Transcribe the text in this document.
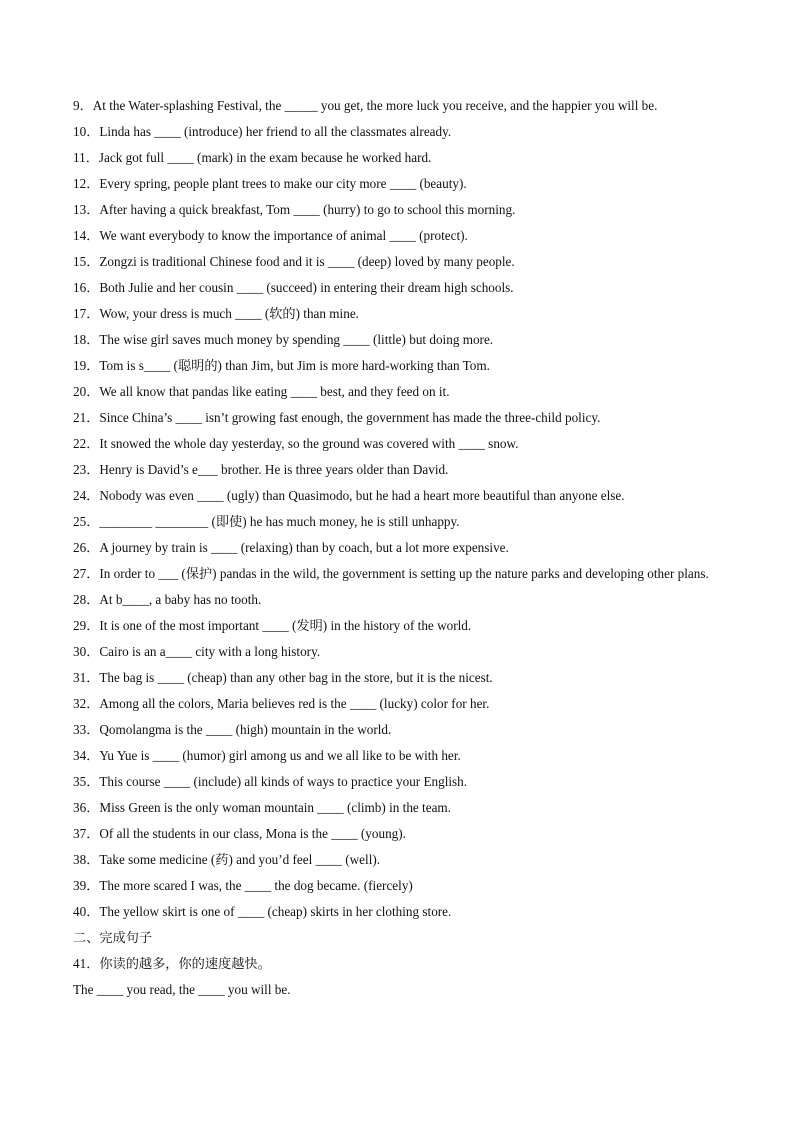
9．At the Water-splashing Festival, the _____ you get, the more luck you receive, and the happier you will be.
10．Linda has ____ (introduce) her friend to all the classmates already.
11．Jack got full ____ (mark) in the exam because he worked hard.
12．Every spring, people plant trees to make our city more ____ (beauty).
13．After having a quick breakfast, Tom ____ (hurry) to go to school this morning.
14．We want everybody to know the importance of animal ____ (protect).
15．Zongzi is traditional Chinese food and it is ____ (deep) loved by many people.
16．Both Julie and her cousin ____ (succeed) in entering their dream high schools.
17．Wow, your dress is much ____ (软的) than mine.
18．The wise girl saves much money by spending ____ (little) but doing more.
19．Tom is s____ (聪明的) than Jim, but Jim is more hard-working than Tom.
20．We all know that pandas like eating ____ best, and they feed on it.
21．Since China’s ____ isn’t growing fast enough, the government has made the three-child policy.
22．It snowed the whole day yesterday, so the ground was covered with ____ snow.
23．Henry is David’s e___ brother. He is three years older than David.
24．Nobody was even ____ (ugly) than Quasimodo, but he had a heart more beautiful than anyone else.
25．________ ________ (即使) he has much money, he is still unhappy.
26．A journey by train is ____ (relaxing) than by coach, but a lot more expensive.
27．In order to ___ (保护) pandas in the wild, the government is setting up the nature parks and developing other plans.
28．At b____, a baby has no tooth.
29．It is one of the most important ____ (发明) in the history of the world.
30．Cairo is an a____ city with a long history.
31．The bag is ____ (cheap) than any other bag in the store, but it is the nicest.
32．Among all the colors, Maria believes red is the ____ (lucky) color for her.
33．Qomolangma is the ____ (high) mountain in the world.
34．Yu Yue is ____ (humor) girl among us and we all like to be with her.
35．This course ____ (include) all kinds of ways to practice your English.
36．Miss Green is the only woman mountain ____ (climb) in the team.
37．Of all the students in our class, Mona is the ____ (young).
38．Take some medicine (药) and you’d feel ____ (well).
39．The more scared I was, the ____ the dog became. (fiercely)
40．The yellow skirt is one of ____ (cheap) skirts in her clothing store.
二、完成句子
41．你读的越多，你的速度越快。
The ____ you read, the ____ you will be.
